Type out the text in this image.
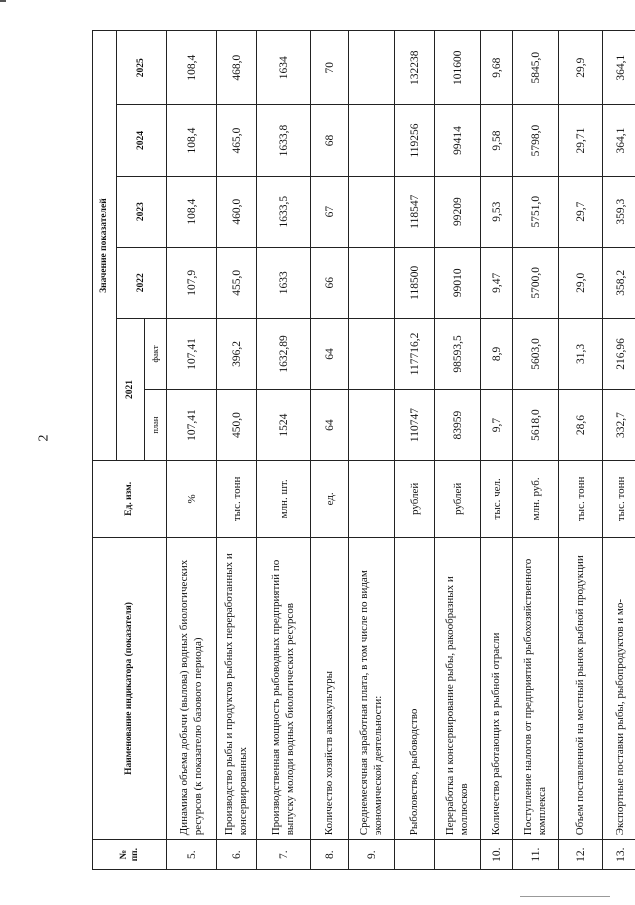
2
№ пп.	Наименование индикатора (показателя)	Ед. изм.	Значение показателей					
			2021		2022	2023	2024	2025
			план	факт				
5.	Динамика объема добычи (вылова) водных биологических ресурсов (к показателю базового периода)	%	107,41	107,41	107,9	108,4	108,4	108,4
6.	Производство рыбы и продуктов рыбных переработанных и консервированных	тыс. тонн	450,0	396,2	455,0	460,0	465,0	468,0
7.	Производственная мощность рыбоводных предприятий по выпуску молоди водных биологических ресурсов	млн. шт.	1524	1632,89	1633	1633,5	1633,8	1634
8.	Количество хозяйств аквакультуры	ед.	64	64	66	67	68	70
9.	Среднемесячная заработная плата, в том числе по видам экономической деятельности:							
	Рыболовство, рыбоводство	рублей	110747	117716,2	118500	118547	119256	132238
	Переработка и консервирование рыбы, ракообразных и моллюсков	рублей	83959	98593,5	99010	99209	99414	101600
10.	Количество работающих в рыбной отрасли	тыс. чел.	9,7	8,9	9,47	9,53	9,58	9,68
11.	Поступление налогов от предприятий рыбохозяйственного комплекса	млн. руб.	5618,0	5603,0	5700,0	5751,0	5798,0	5845,0
12.	Объем поставленной на местный рынок рыбной продукции	тыс. тонн	28,6	31,3	29,0	29,7	29,71	29,9
13.	Экспортные поставки рыбы, рыбопродуктов и мо-	тыс. тонн	332,7	216,96	358,2	359,3	364,1	364,1
